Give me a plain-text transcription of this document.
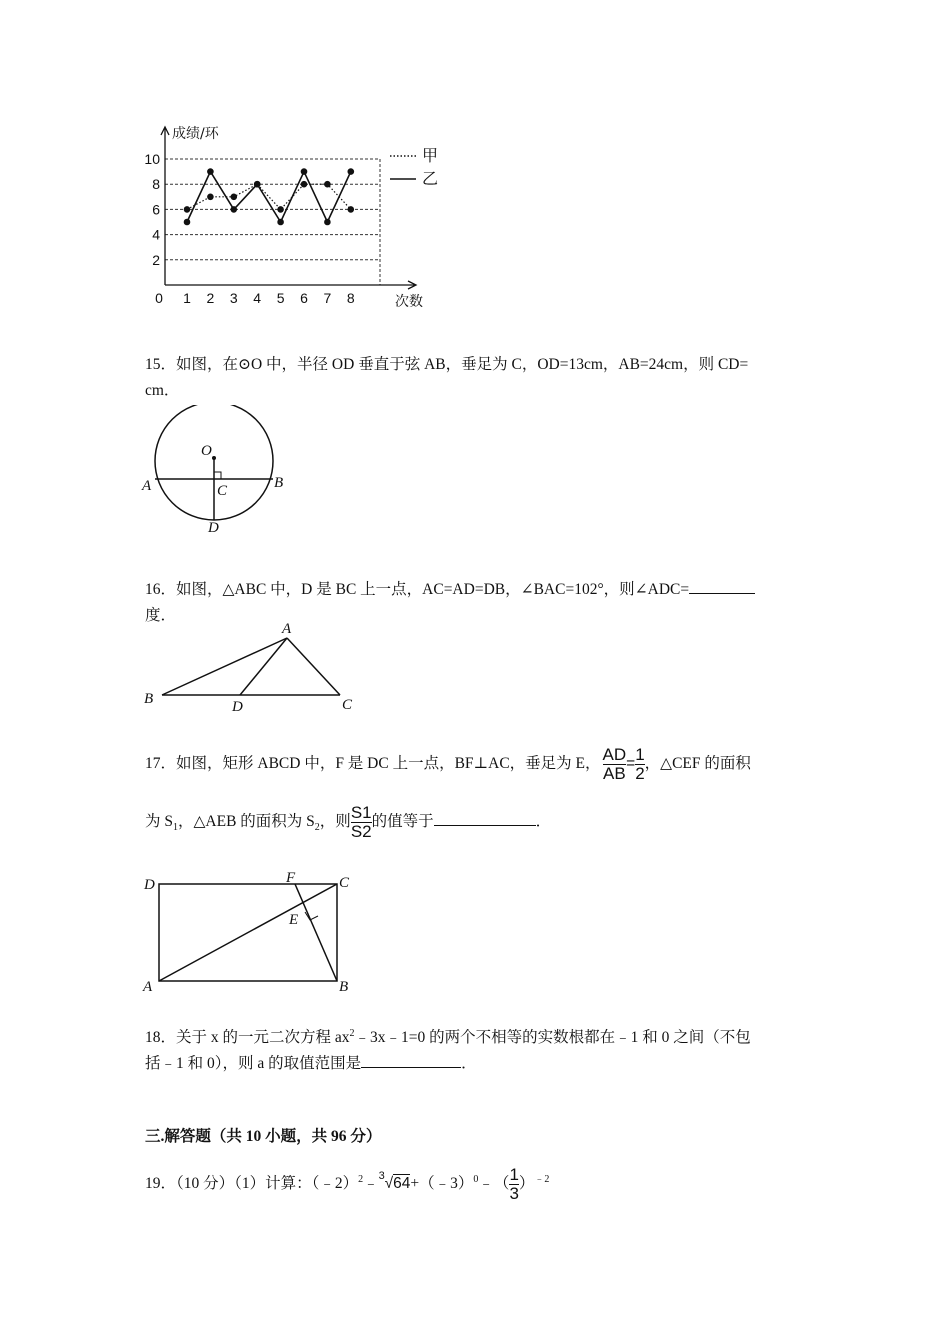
成绩/环
次数
0
2
4
6
8
10
1 2 3 4 5 6 7 8
甲
乙
15．如图，在⊙O 中，半径 OD 垂直于弦 AB，垂足为 C，OD=13cm，AB=24cm，则 CD=
cm．
O
A	B
C
D
16．如图，△ABC 中，D 是 BC 上一点，AC=AD=DB，∠BAC=102°，则∠ADC=
度．
A
B	C
D
17．如图，矩形 ABCD 中，F 是 DC 上一点，BF⊥AC，垂足为 E， $\frac{AD}{AB} = \frac{1}{2}$ ，△CEF 的面积
为 $S_1$，△AEB 的面积为 $S_2$，则 $\frac{S1}{S2}$ 的值等于	．
D	C
F
E
A	B
18．关于 x 的一元二次方程 $ax^2﹣3x﹣1=0$ 的两个不相等的实数根都在﹣1 和 0 之间（不包
括﹣1 和 0），则 a 的取值范围是	．
三.解答题（共 10 小题，共 96 分）
19．（10 分）（1）计算：（﹣2）$^2$﹣ 3 √64+（﹣3）$^0$﹣（ $\frac{1}{3} )^{﹣2}$
